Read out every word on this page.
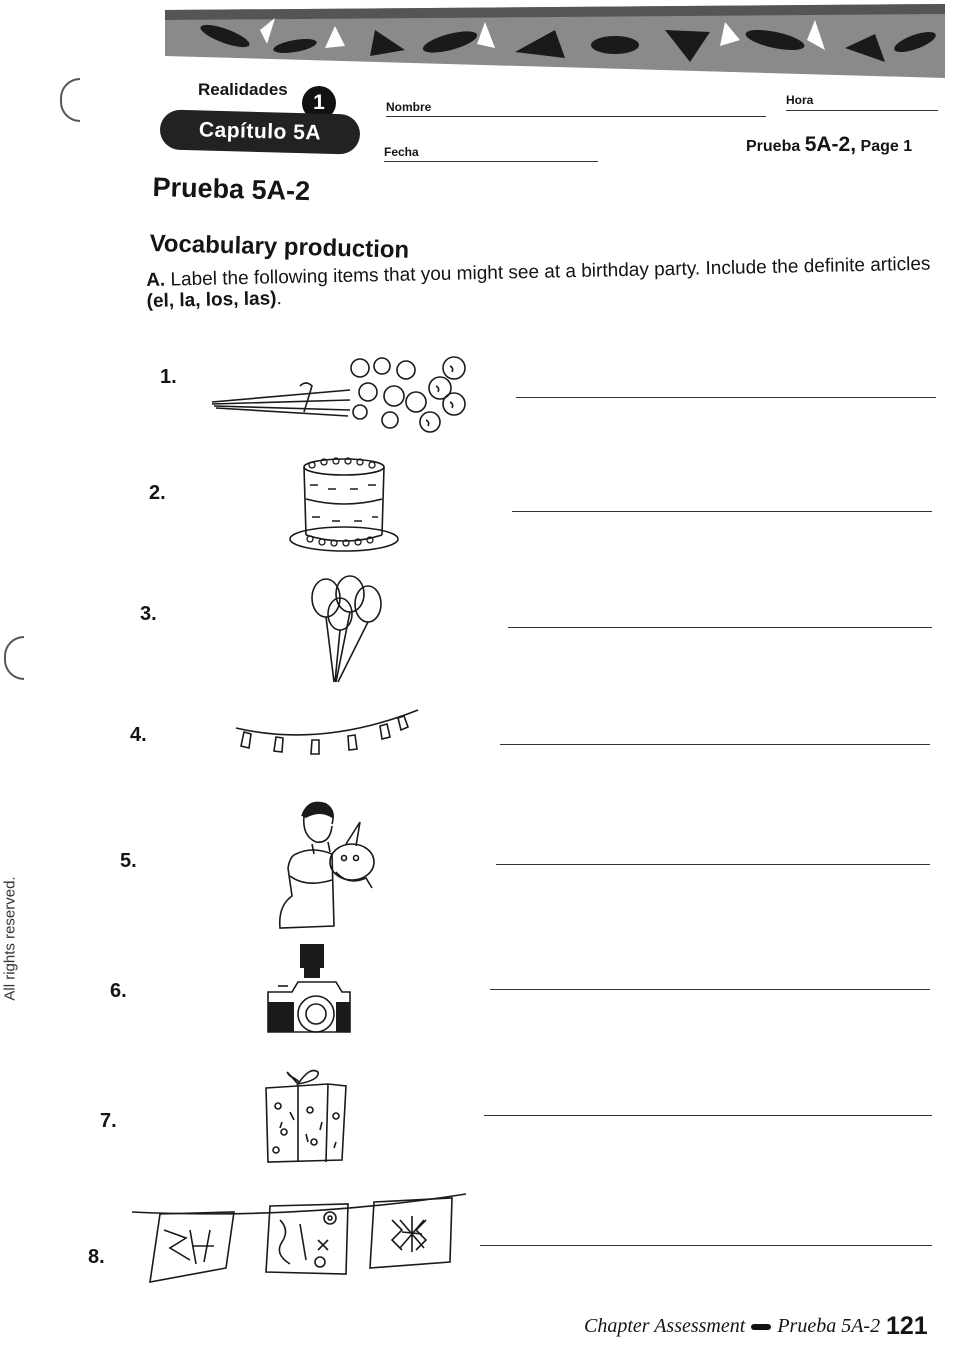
Realidades
1
Capítulo 5A
Nombre	Hora
Fecha	Prueba 5A-2, Page 1
Prueba 5A-2
Vocabulary production
A. Label the following items that you might see at a birthday party. Include the definite articles (el, la, los, las).
1.
2.
3.
4.
5.
6.
7.
8.
All rights reserved.
Chapter Assessment Prueba 5A-2 121
